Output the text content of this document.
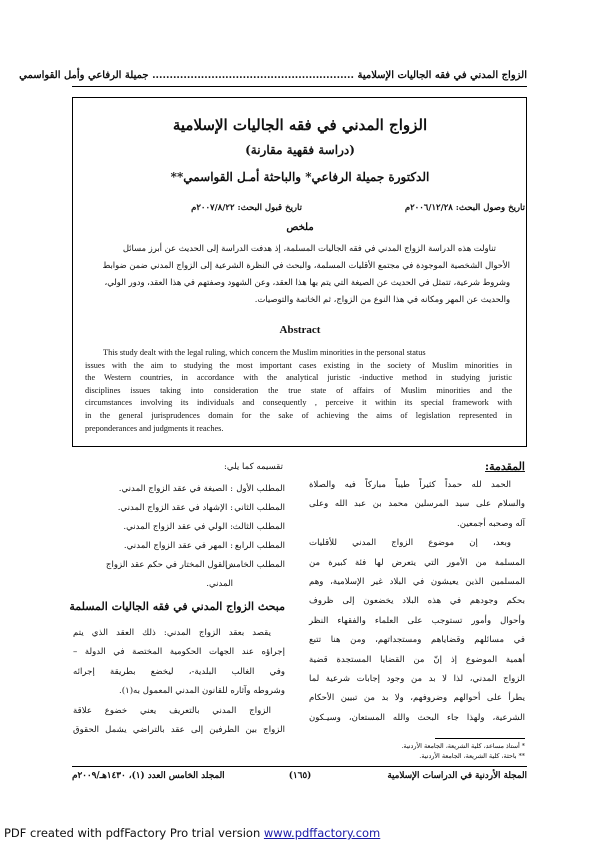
الزواج المدني في فقه الجاليات الإسلامية .......................................................... جميلة الرفاعي وأمل القواسمي
الزواج المدني في فقه الجاليات الإسلامية
(دراسة فقهية مقارنة)
الدكتورة جميلة الرفاعي* والباحثة أمـل القواسمي**
تاريخ وصول البحث: ٢٠٠٦/١٢/٢٨م
تاريخ قبول البحث: ٢٠٠٧/٨/٢٢م
ملخص
تناولت هذه الدراسة الزواج المدني في فقه الجاليات المسلمة، إذ هدفت الدراسة إلى الحديث عن أبرز مسائل
الأحوال الشخصية الموجودة في مجتمع الأقليات المسلمة، والبحث في النظرة الشرعية إلى الزواج المدني ضمن ضوابط
وشروط شرعية، تتمثل في الحديث عن الصيغة التي يتم بها هذا العقد، وعن الشهود وصفتهم في هذا العقد، ودور الولي،
والحديث عن المهر ومكانه في هذا النوع من الزواج، ثم الخاتمة والتوصيات.
Abstract
This study dealt with the legal ruling, which concern the Muslim minorities in the personal status
issues with the aim to studying the most important cases existing in the society of Muslim minorities in
the Western countries, in accordance with the analytical juristic -inductive method in studying juristic
disciplines issues taking into consideration the true state of affairs of Muslim minorities and the
circumstances involving its individuals and consequently , perceive it within its special framework with
in the general jurisprudences domain for the sake of achieving the aims of legislation represented in
preponderances and judgments it reaches.
المقدمة:
الحمد لله حمداً كثيراً طيباً مباركاً فيه والصلاة
والسلام على سيد المرسلين محمد بن عبد الله وعلى
آله وصحبه أجمعين.
وبعد، إن موضوع الزواج المدني للأقليات
المسلمة من الأمور التي يتعرض لها فئة كبيرة من
المسلمين الذين يعيشون في البلاد غير الإسلامية، وهم
بحكم وجودهم في هذه البلاد يخضعون إلى ظروف
وأحوال وأمور تستوجب على العلماء والفقهاء النظر
في مسائلهم وقضاياهم ومستجداتهم، ومن هنا تتبع
أهمية الموضوع إذ إنّ من القضايا المستجدة قضية
الزواج المدني، لذا لا بد من وجود إجابات شرعية لما
يطرأ على أحوالهم وضروفهم، ولا بد من تبيين الأحكام
الشرعية، ولهذا جاء البحث والله المستعان، وسيـكون
* أستاذ مساعد، كلية الشريعة، الجامعة الأردنية.
** باحثة، كلية الشريعة، الجامعة الأردنية.
تقسيمه كما يلي:
المطلب الأول: الصيغة في عقد الزواج المدني.
المطلب الثاني: الإشهاد في عقد الزواج المدني.
المطلب الثالث: الولي في عقد الزواج المدني.
المطلب الرابع: المهر في عقد الزواج المدني.
المطلب الخامس: القول المختار في حكم عقد الزواج
المدني.
مبحث الزواج المدني في فقه الجاليات المسلمة
يقصد بعقد الزواج المدني: ذلك العقد الذي يتم
إجراؤه عند الجهات الحكومية المختصة في الدولة –
وفي الغالب البلدية-، ليخضع بطريقة إجرائه
وشروطه وآثاره للقانون المدني المعمول به(١).
الزواج المدني بالتعريف يعني خضوع علاقة
الزواج بين الطرفين إلى عقد بالتراضي يشمل الحقوق
المجلة الأردنية في الدراسات الإسلامية
(١٦٥)
المجلد الخامس العدد (١)، ١٤٣٠هـ/٢٠٠٩م
PDF created with pdfFactory Pro trial version www.pdffactory.com
